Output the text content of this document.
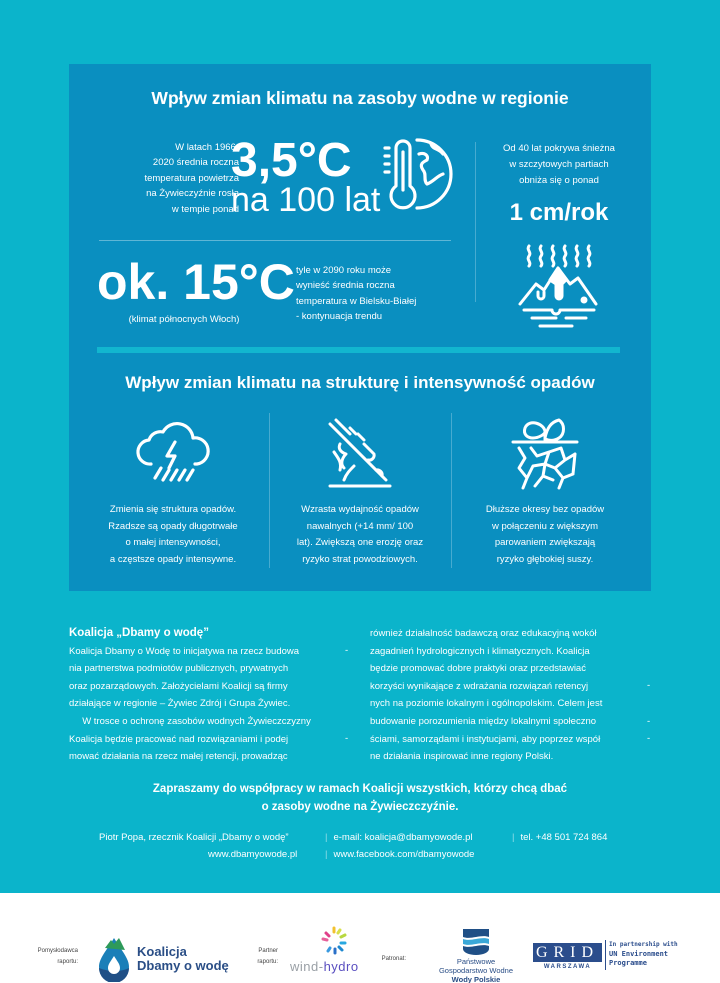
Wpływ zmian klimatu na zasoby wodne w regionie
W latach 1966-
2020 średnia roczna
temperatura powietrza
na Żywieczyźnie rosła
w tempie ponad
3,5°C
na 100 lat
Od 40 lat pokrywa śnieżna
w szczytowych partiach
obniża się o ponad
1 cm/rok
ok. 15°C
(klimat północnych Włoch)
tyle w 2090 roku może
wynieść średnia roczna
temperatura w Bielsku-Białej
- kontynuacja trendu
Wpływ zmian klimatu na strukturę i intensywność opadów
Zmienia się struktura opadów.
Rzadsze są opady długotrwałe
o małej intensywności,
a częstsze opady intensywne.
Wzrasta wydajność opadów
nawalnych (+14 mm/ 100
lat). Zwiększą one erozję oraz
ryzyko strat powodziowych.
Dłuższe okresy bez opadów
w połączeniu z większym
parowaniem zwiększają
ryzyko głębokiej suszy.
Koalicja „Dbamy o wodę”
Koalicja Dbamy o Wodę to inicjatywa na rzecz budowa
nia partnerstwa podmiotów publicznych, prywatnych
oraz pozarządowych. Założycielami Koalicji są firmy
działające w regionie – Żywiec Zdrój i Grupa Żywiec.
W trosce o ochronę zasobów wodnych Żywieczczyzny
Koalicja będzie pracować nad rozwiązaniami i podej
mować działania na rzecz małej retencji, prowadząc
-
-
również działalność badawczą oraz edukacyjną wokół
zagadnień hydrologicznych i klimatycznych. Koalicja
będzie promować dobre praktyki oraz przedstawiać
korzyści wynikające z wdrażania rozwiązań retencyj
nych na poziomie lokalnym i ogólnopolskim. Celem jest
budowanie porozumienia między lokalnymi społeczno
ściami, samorządami i instytucjami, aby poprzez współ
ne działania inspirować inne regiony Polski.
-
-
-
Zapraszamy do współpracy w ramach Koalicji wszystkich, którzy chcą dbać
o zasoby wodne na Żywieczczyźnie.
Piotr Popa, rzecznik Koalicji „Dbamy o wodę”	| e-mail: koalicja@dbamyowode.pl	| tel. +48 501 724 864
www.dbamyowode.pl	| www.facebook.com/dbamyowode
Pomysłodawca
raportu:
Koalicja
Dbamy o wodę
Partner
raportu: wind-hydro	Patronat:	Państwowe
Gospodarstwo Wodne
Wody Polskie
GRID
WARSZAWA
In partnership with
UN Environment
Programme
